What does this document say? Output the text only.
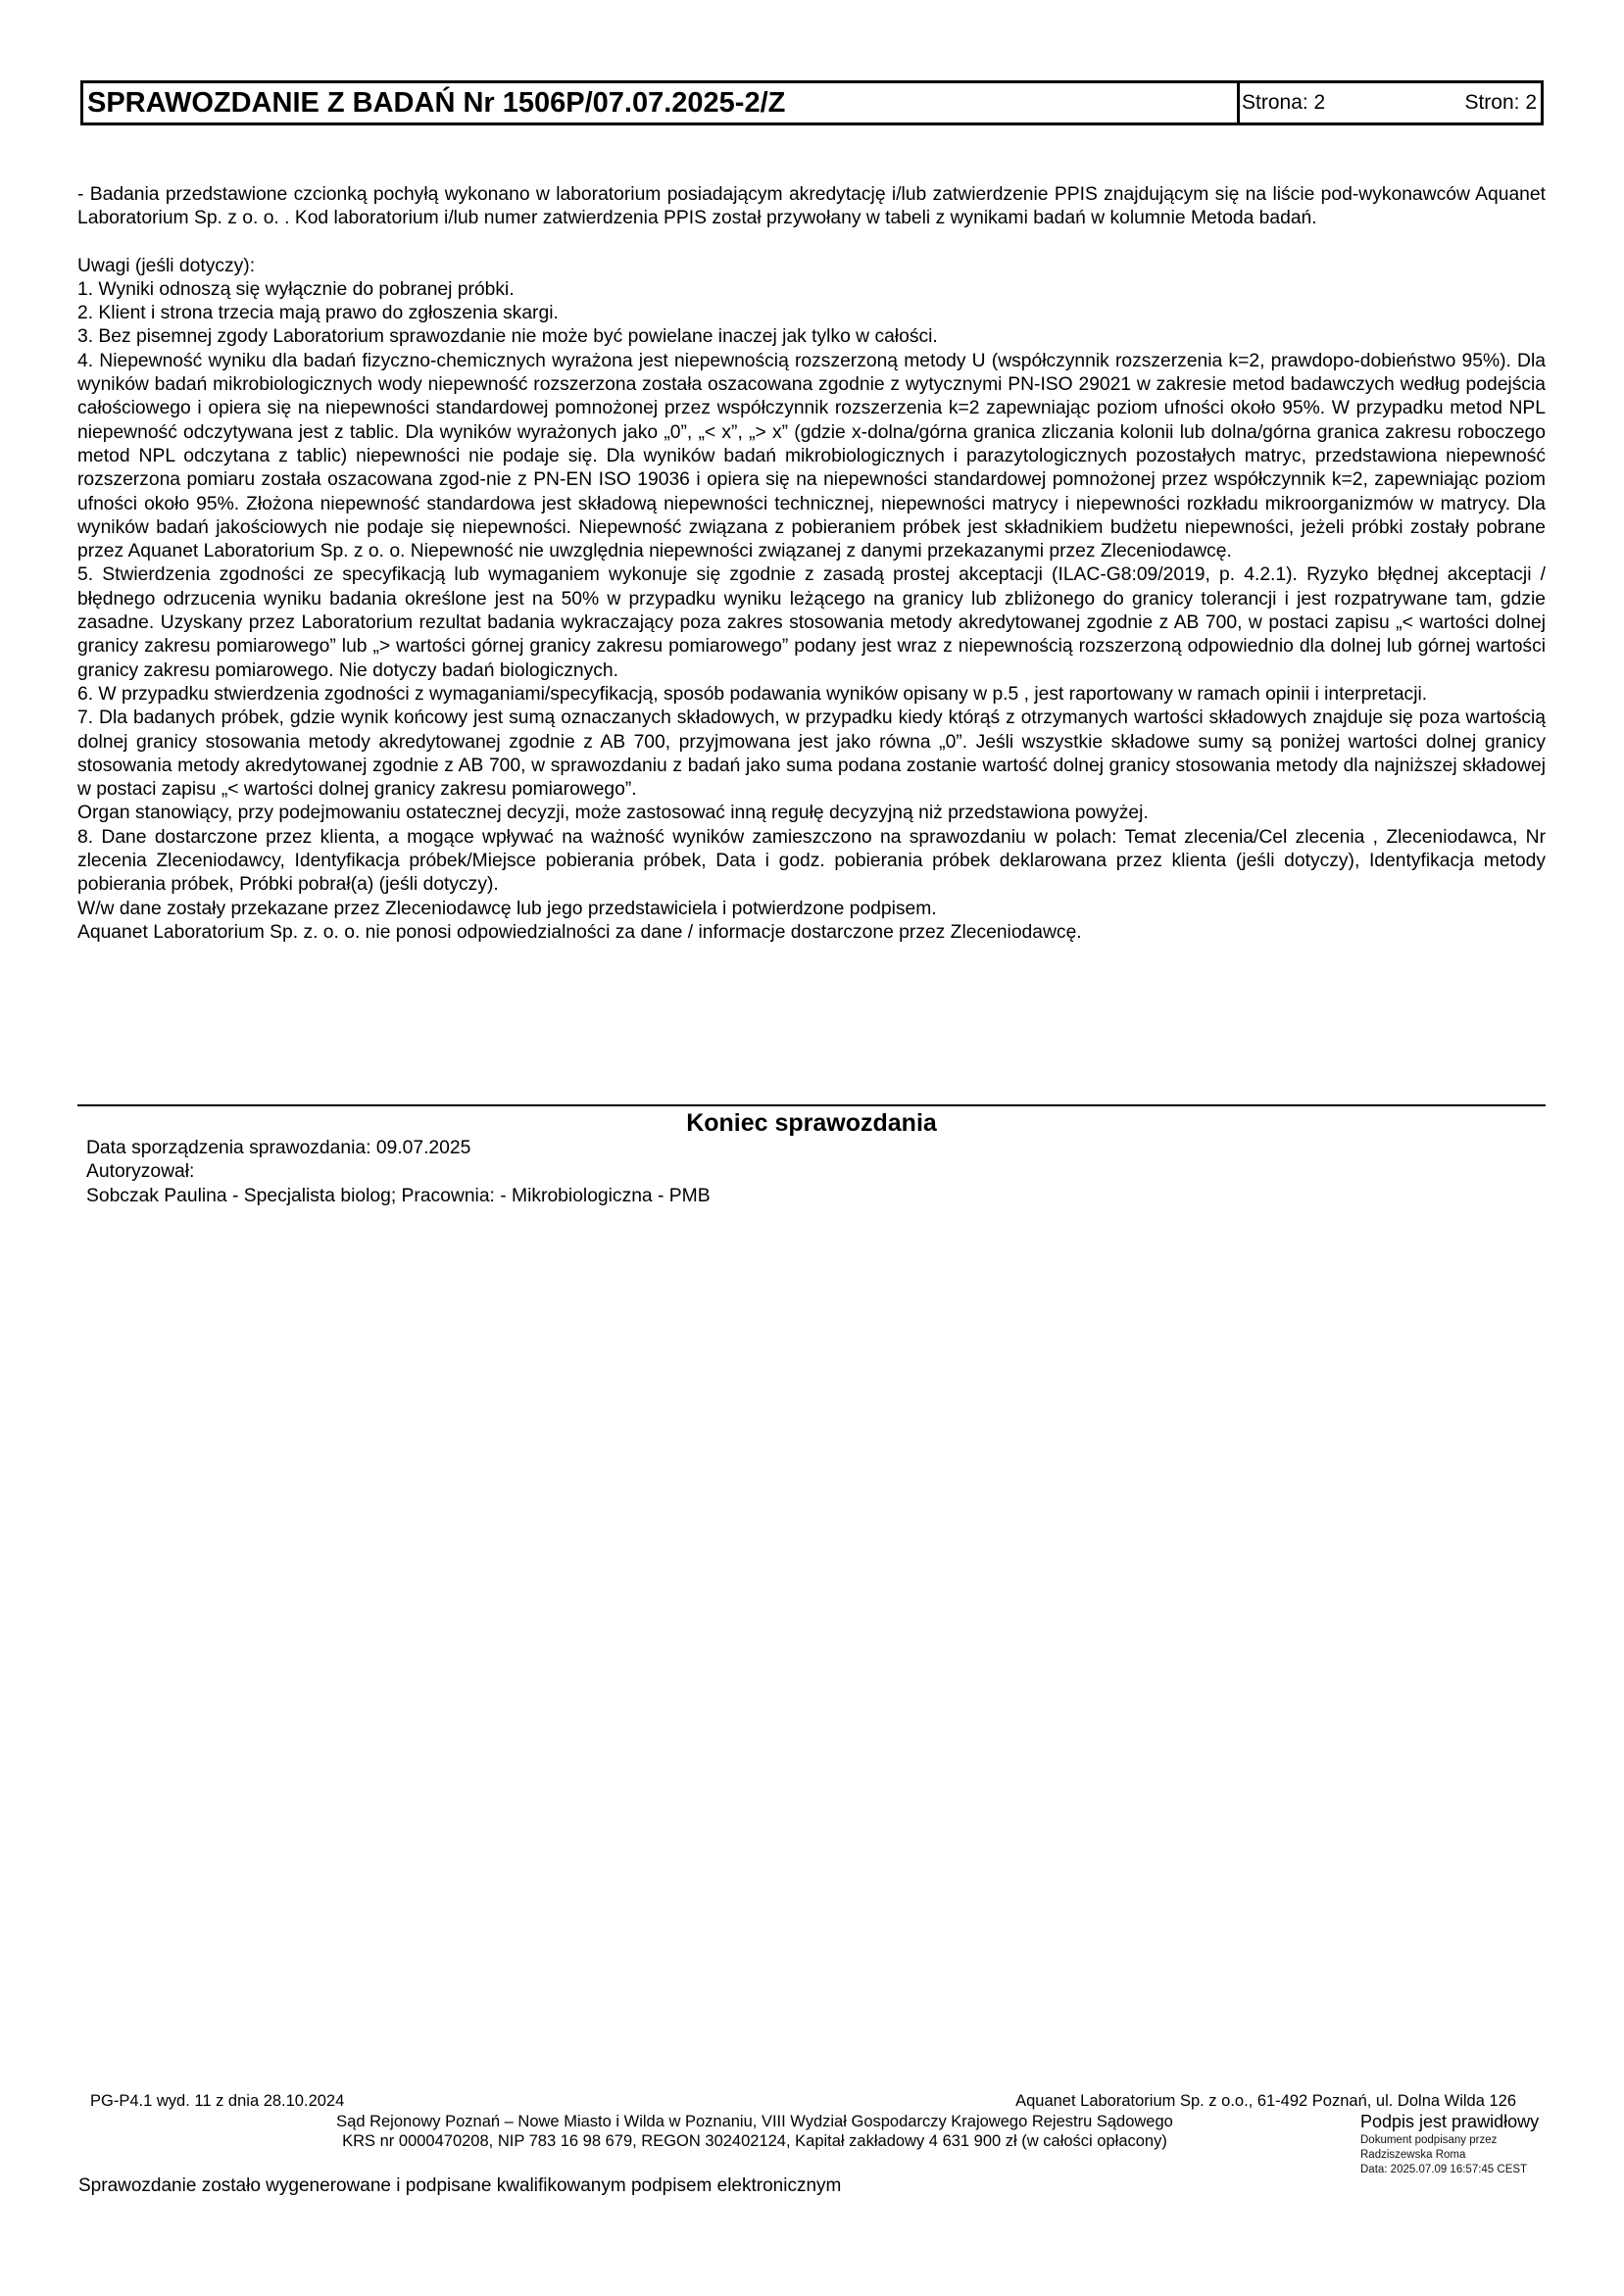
SPRAWOZDANIE Z BADAŃ Nr 1506P/07.07.2025-2/Z	Strona: 2	Stron: 2

- Badania przedstawione czcionką pochyłą wykonano w laboratorium posiadającym akredytację i/lub zatwierdzenie PPIS znajdującym się na liście pod-wykonawców Aquanet Laboratorium Sp. z o. o. . Kod laboratorium i/lub numer zatwierdzenia PPIS został przywołany w tabeli z wynikami badań w kolumnie Metoda badań.

Uwagi (jeśli dotyczy):

1. Wyniki odnoszą się wyłącznie do pobranej próbki.

2. Klient i strona trzecia mają prawo do zgłoszenia skargi.

3. Bez pisemnej zgody Laboratorium sprawozdanie nie może być powielane inaczej jak tylko w całości.

4. Niepewność wyniku dla badań fizyczno-chemicznych wyrażona jest niepewnością rozszerzoną metody U (współczynnik rozszerzenia k=2, prawdopo-dobieństwo 95%). Dla wyników badań mikrobiologicznych wody niepewność rozszerzona została oszacowana zgodnie z wytycznymi PN-ISO 29021 w zakresie metod badawczych według podejścia całościowego i opiera się na niepewności standardowej pomnożonej przez współczynnik rozszerzenia k=2 zapewniając poziom ufności około 95%. W przypadku metod NPL niepewność odczytywana jest z tablic. Dla wyników wyrażonych jako „0”, „< x”, „> x” (gdzie x-dolna/górna granica zliczania kolonii lub dolna/górna granica zakresu roboczego metod NPL odczytana z tablic) niepewności nie podaje się. Dla wyników badań mikrobiologicznych i parazytologicznych pozostałych matryc, przedstawiona niepewność rozszerzona pomiaru została oszacowana zgod-nie z PN-EN ISO 19036 i opiera się na niepewności standardowej pomnożonej przez współczynnik k=2, zapewniając poziom ufności około 95%. Złożona niepewność standardowa jest składową niepewności technicznej, niepewności matrycy i niepewności rozkładu mikroorganizmów w matrycy. Dla wyników badań jakościowych nie podaje się niepewności. Niepewność związana z pobieraniem próbek jest składnikiem budżetu niepewności, jeżeli próbki zostały pobrane przez Aquanet Laboratorium Sp. z o. o. Niepewność nie uwzględnia niepewności związanej z danymi przekazanymi przez Zleceniodawcę.

5. Stwierdzenia zgodności ze specyfikacją lub wymaganiem wykonuje się zgodnie z zasadą prostej akceptacji (ILAC-G8:09/2019, p. 4.2.1). Ryzyko błędnej akceptacji / błędnego odrzucenia wyniku badania określone jest na 50% w przypadku wyniku leżącego na granicy lub zbliżonego do granicy tolerancji i jest rozpatrywane tam, gdzie zasadne. Uzyskany przez Laboratorium rezultat badania wykraczający poza zakres stosowania metody akredytowanej zgodnie z AB 700, w postaci zapisu „< wartości dolnej granicy zakresu pomiarowego” lub „> wartości górnej granicy zakresu pomiarowego” podany jest wraz z niepewnością rozszerzoną odpowiednio dla dolnej lub górnej wartości granicy zakresu pomiarowego. Nie dotyczy badań biologicznych.

6. W przypadku stwierdzenia zgodności z wymaganiami/specyfikacją, sposób podawania wyników opisany w p.5 , jest raportowany w ramach opinii i interpretacji.

7. Dla badanych próbek, gdzie wynik końcowy jest sumą oznaczanych składowych, w przypadku kiedy którąś z otrzymanych wartości składowych znajduje się poza wartością dolnej granicy stosowania metody akredytowanej zgodnie z AB 700, przyjmowana jest jako równa „0”. Jeśli wszystkie składowe sumy są poniżej wartości dolnej granicy stosowania metody akredytowanej zgodnie z AB 700, w sprawozdaniu z badań jako suma podana zostanie wartość dolnej granicy stosowania metody dla najniższej składowej w postaci zapisu „< wartości dolnej granicy zakresu pomiarowego”.

Organ stanowiący, przy podejmowaniu ostatecznej decyzji, może zastosować inną regułę decyzyjną niż przedstawiona powyżej.

8. Dane dostarczone przez klienta, a mogące wpływać na ważność wyników zamieszczono na sprawozdaniu w polach: Temat zlecenia/Cel zlecenia , Zleceniodawca, Nr zlecenia Zleceniodawcy, Identyfikacja próbek/Miejsce pobierania próbek, Data i godz. pobierania próbek deklarowana przez klienta (jeśli dotyczy), Identyfikacja metody pobierania próbek, Próbki pobrał(a) (jeśli dotyczy).

W/w dane zostały przekazane przez Zleceniodawcę lub jego przedstawiciela i potwierdzone podpisem.

Aquanet Laboratorium Sp. z. o. o. nie ponosi odpowiedzialności za dane / informacje dostarczone przez Zleceniodawcę.

Koniec sprawozdania
Data sporządzenia sprawozdania: 09.07.2025
Autoryzował:
Sobczak Paulina - Specjalista biolog; Pracownia: - Mikrobiologiczna - PMB
PG-P4.1 wyd. 11 z dnia 28.10.2024	Aquanet Laboratorium Sp. z o.o., 61-492 Poznań, ul. Dolna Wilda 126
Sąd Rejonowy Poznań – Nowe Miasto i Wilda w Poznaniu, VIII Wydział Gospodarczy Krajowego Rejestru Sądowego
KRS nr 0000470208, NIP 783 16 98 679, REGON 302402124, Kapitał zakładowy 4 631 900 zł (w całości opłacony)
Sprawozdanie zostało wygenerowane i podpisane kwalifikowanym podpisem elektronicznym
Podpis jest prawidłowy
Dokument podpisany przez
Radziszewska Roma
Data: 2025.07.09 16:57:45 CEST
